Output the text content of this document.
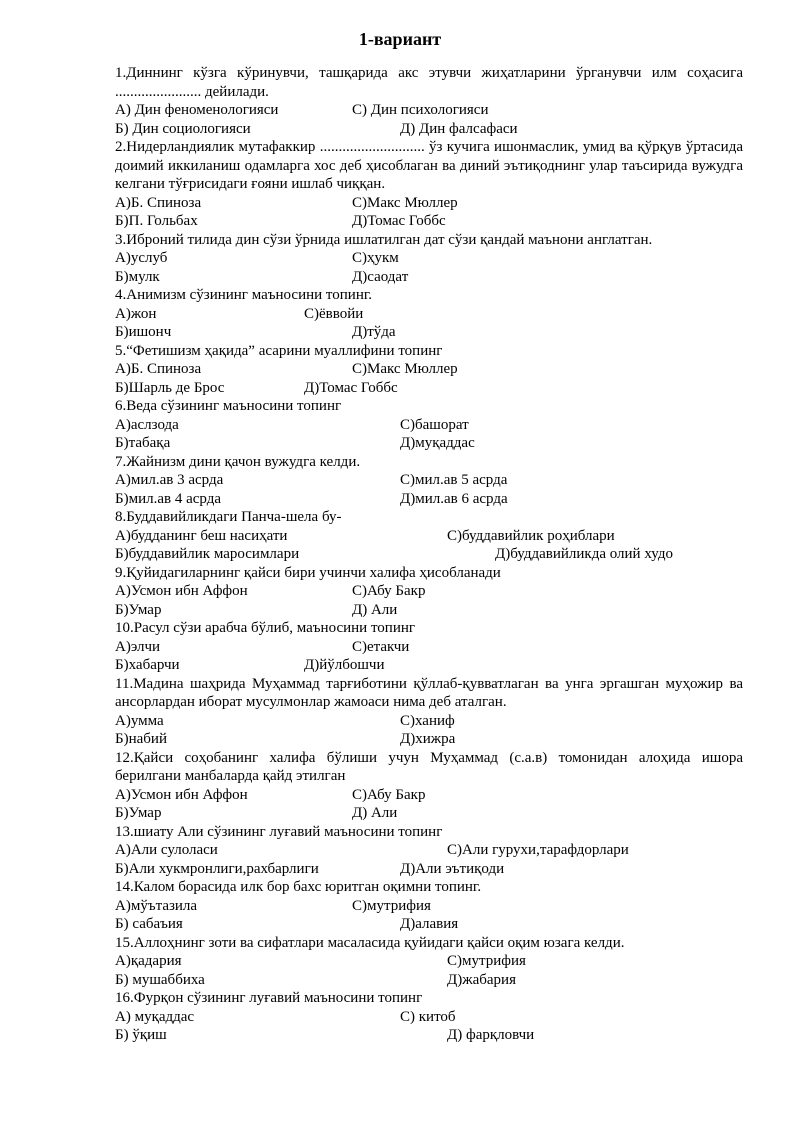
1-вариант

1.Диннинг кўзга кўринувчи, ташқарида акс этувчи жиҳатларини ўрганувчи илм соҳасига ....................... дейилади.

А) Дин феноменологияси	С) Дин психологияси
Б) Дин социологияси	Д) Дин фалсафаси

2.Нидерландиялик мутафаккир ............................ ўз кучига ишонмаслик, умид ва қўрқув ўртасида доимий иккиланиш одамларга хос деб ҳисоблаган ва диний эътиқоднинг улар таъсирида вужудга келгани тўғрисидаги ғояни ишлаб чиққан.

А)Б. Спиноза	С)Макс Мюллер
Б)П. Гольбах	Д)Томас Гоббс

3.Иброний тилида дин сўзи ўрнида ишлатилган дат сўзи қандай маънони англатган.

А)услуб	С)ҳукм
Б)мулк	Д)саодат

4.Анимизм сўзининг маъносини топинг.

А)жон	С)ёввойи
Б)ишонч	Д)тўда

5.“Фетишизм ҳақида” асарини муаллифини топинг

А)Б. Спиноза	С)Макс Мюллер
Б)Шарль де Брос	Д)Томас Гоббс

6.Веда сўзининг маъносини топинг

А)аслзода	С)башорат
Б)табақа	Д)муқаддас

7.Жайнизм дини қачон вужудга келди.

А)мил.ав 3 асрда	С)мил.ав 5 асрда
Б)мил.ав 4 асрда	Д)мил.ав 6 асрда

8.Буддавийликдаги Панча-шела бу-

А)будданинг беш насиҳати	С)буддавийлик роҳиблари
Б)буддавийлик маросимлари	Д)буддавийликда олий худо

9.Қуйидагиларнинг қайси бири учинчи халифа ҳисобланади

А)Усмон ибн Аффон	С)Абу Бакр
Б)Умар	Д) Али

10.Расул сўзи арабча бўлиб, маъносини топинг

А)элчи	С)етакчи
Б)хабарчи	Д)йўлбошчи

11.Мадина шаҳрида Муҳаммад тарғиботини қўллаб-қувватлаган ва унга эргашган муҳожир ва ансорлардан иборат мусулмонлар жамоаси нима деб аталган.

А)умма	С)ханиф
Б)набий	Д)хижра

12.Қайси соҳобанинг халифа бўлиши учун Муҳаммад (с.а.в) томонидан алоҳида ишора берилгани манбаларда қайд этилган

А)Усмон ибн Аффон	С)Абу Бакр
Б)Умар	Д) Али

13.шиату Али сўзининг луғавий маъносини топинг

А)Али сулоласи	С)Али гурухи,тарафдорлари
Б)Али хукмронлиги,рахбарлиги	Д)Али эътиқоди

14.Калом борасида илк бор бахс юритган оқимни топинг.

А)мўътазила	С)мутрифия
Б) сабаъия	Д)алавия

15.Аллоҳнинг зоти ва сифатлари масаласида қуйидаги қайси оқим юзага келди.

А)қадария	С)мутрифия
Б) мушаббиха	Д)жабария

16.Фурқон сўзининг луғавий маъносини топинг

А) муқаддас	С) китоб
Б) ўқиш	Д) фарқловчи
